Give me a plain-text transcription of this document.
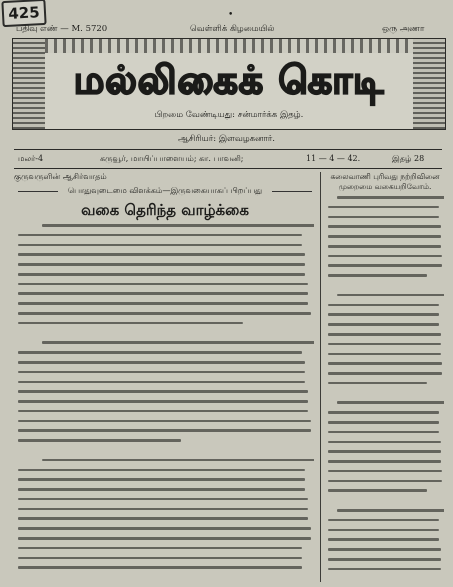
425	•
பதிவு எண் — M. 5720	வெள்ளிக் கிழமையில்	ஒரு அணா
மல்லிகைக் கொடி
பிறமை வேண்டியது: சன்மார்க்க இதழ்.
ஆசிரியர்: இளவழகனார்.
மலர்-4	கருவூர், மாயிப்பாளையம்; கா. பாவனி;	11 — 4 — 42.	இதழ் 28
குருவருளின் ஆசிர்வாதம்
பொதுவுடைமை விளக்கம்—இருவகையாகப் பிறப்பது
வகை தெரிந்த வாழ்க்கை
கலைவாணி புரிவது நற்றிவினை முறைமை வகையறிவோம்.
